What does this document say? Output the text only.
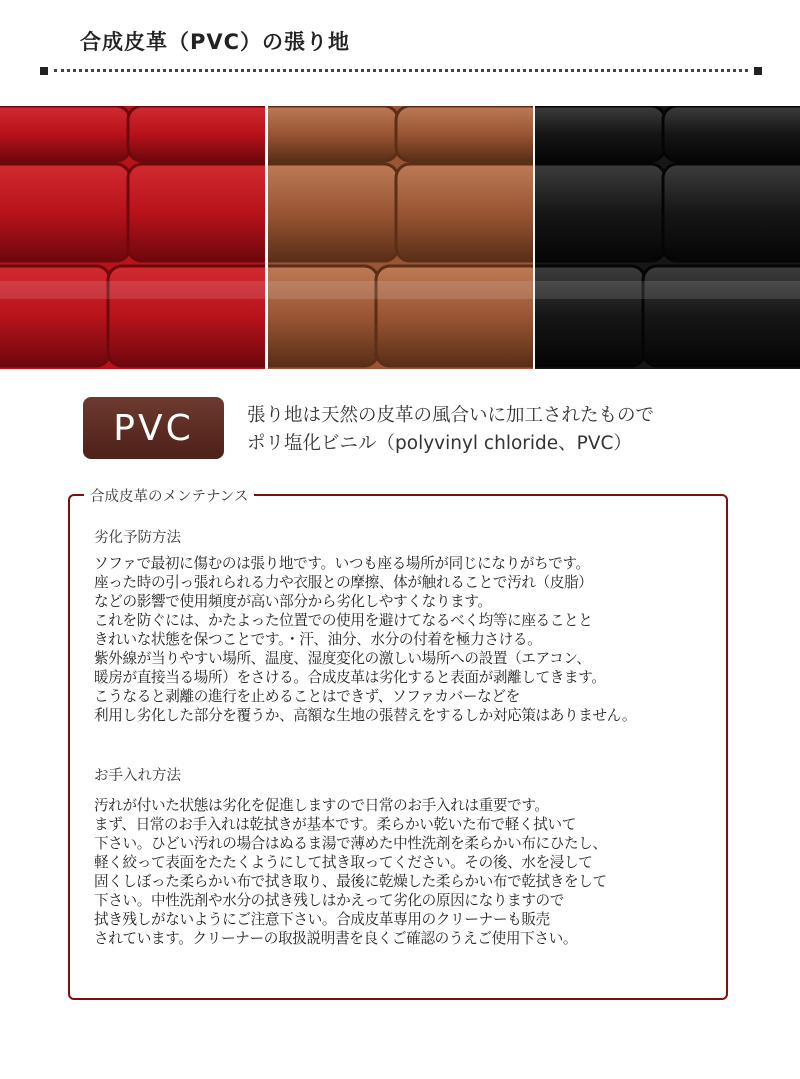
合成皮革（PVC）の張り地
PVC	張り地は天然の皮革の風合いに加工されたもので
ポリ塩化ビニル（polyvinyl chloride、PVC）

合成皮革のメンテナンス
劣化予防方法
ソファで最初に傷むのは張り地です。いつも座る場所が同じになりがちです。
座った時の引っ張れられる力や衣服との摩擦、体が触れることで汚れ（皮脂）
などの影響で使用頻度が高い部分から劣化しやすくなります。
これを防ぐには、かたよった位置での使用を避けてなるべく均等に座ることと
きれいな状態を保つことです。・汗、油分、水分の付着を極力さける。
紫外線が当りやすい場所、温度、湿度変化の激しい場所への設置（エアコン、
暖房が直接当る場所）をさける。合成皮革は劣化すると表面が剥離してきます。
こうなると剥離の進行を止めることはできず、ソファカバーなどを
利用し劣化した部分を覆うか、高額な生地の張替えをするしか対応策はありません。
お手入れ方法
汚れが付いた状態は劣化を促進しますので日常のお手入れは重要です。
まず、日常のお手入れは乾拭きが基本です。柔らかい乾いた布で軽く拭いて
下さい。ひどい汚れの場合はぬるま湯で薄めた中性洗剤を柔らかい布にひたし、
軽く絞って表面をたたくようにして拭き取ってください。その後、水を浸して
固くしぼった柔らかい布で拭き取り、最後に乾燥した柔らかい布で乾拭きをして
下さい。中性洗剤や水分の拭き残しはかえって劣化の原因になりますので
拭き残しがないようにご注意下さい。合成皮革専用のクリーナーも販売
されています。クリーナーの取扱説明書を良くご確認のうえご使用下さい。
